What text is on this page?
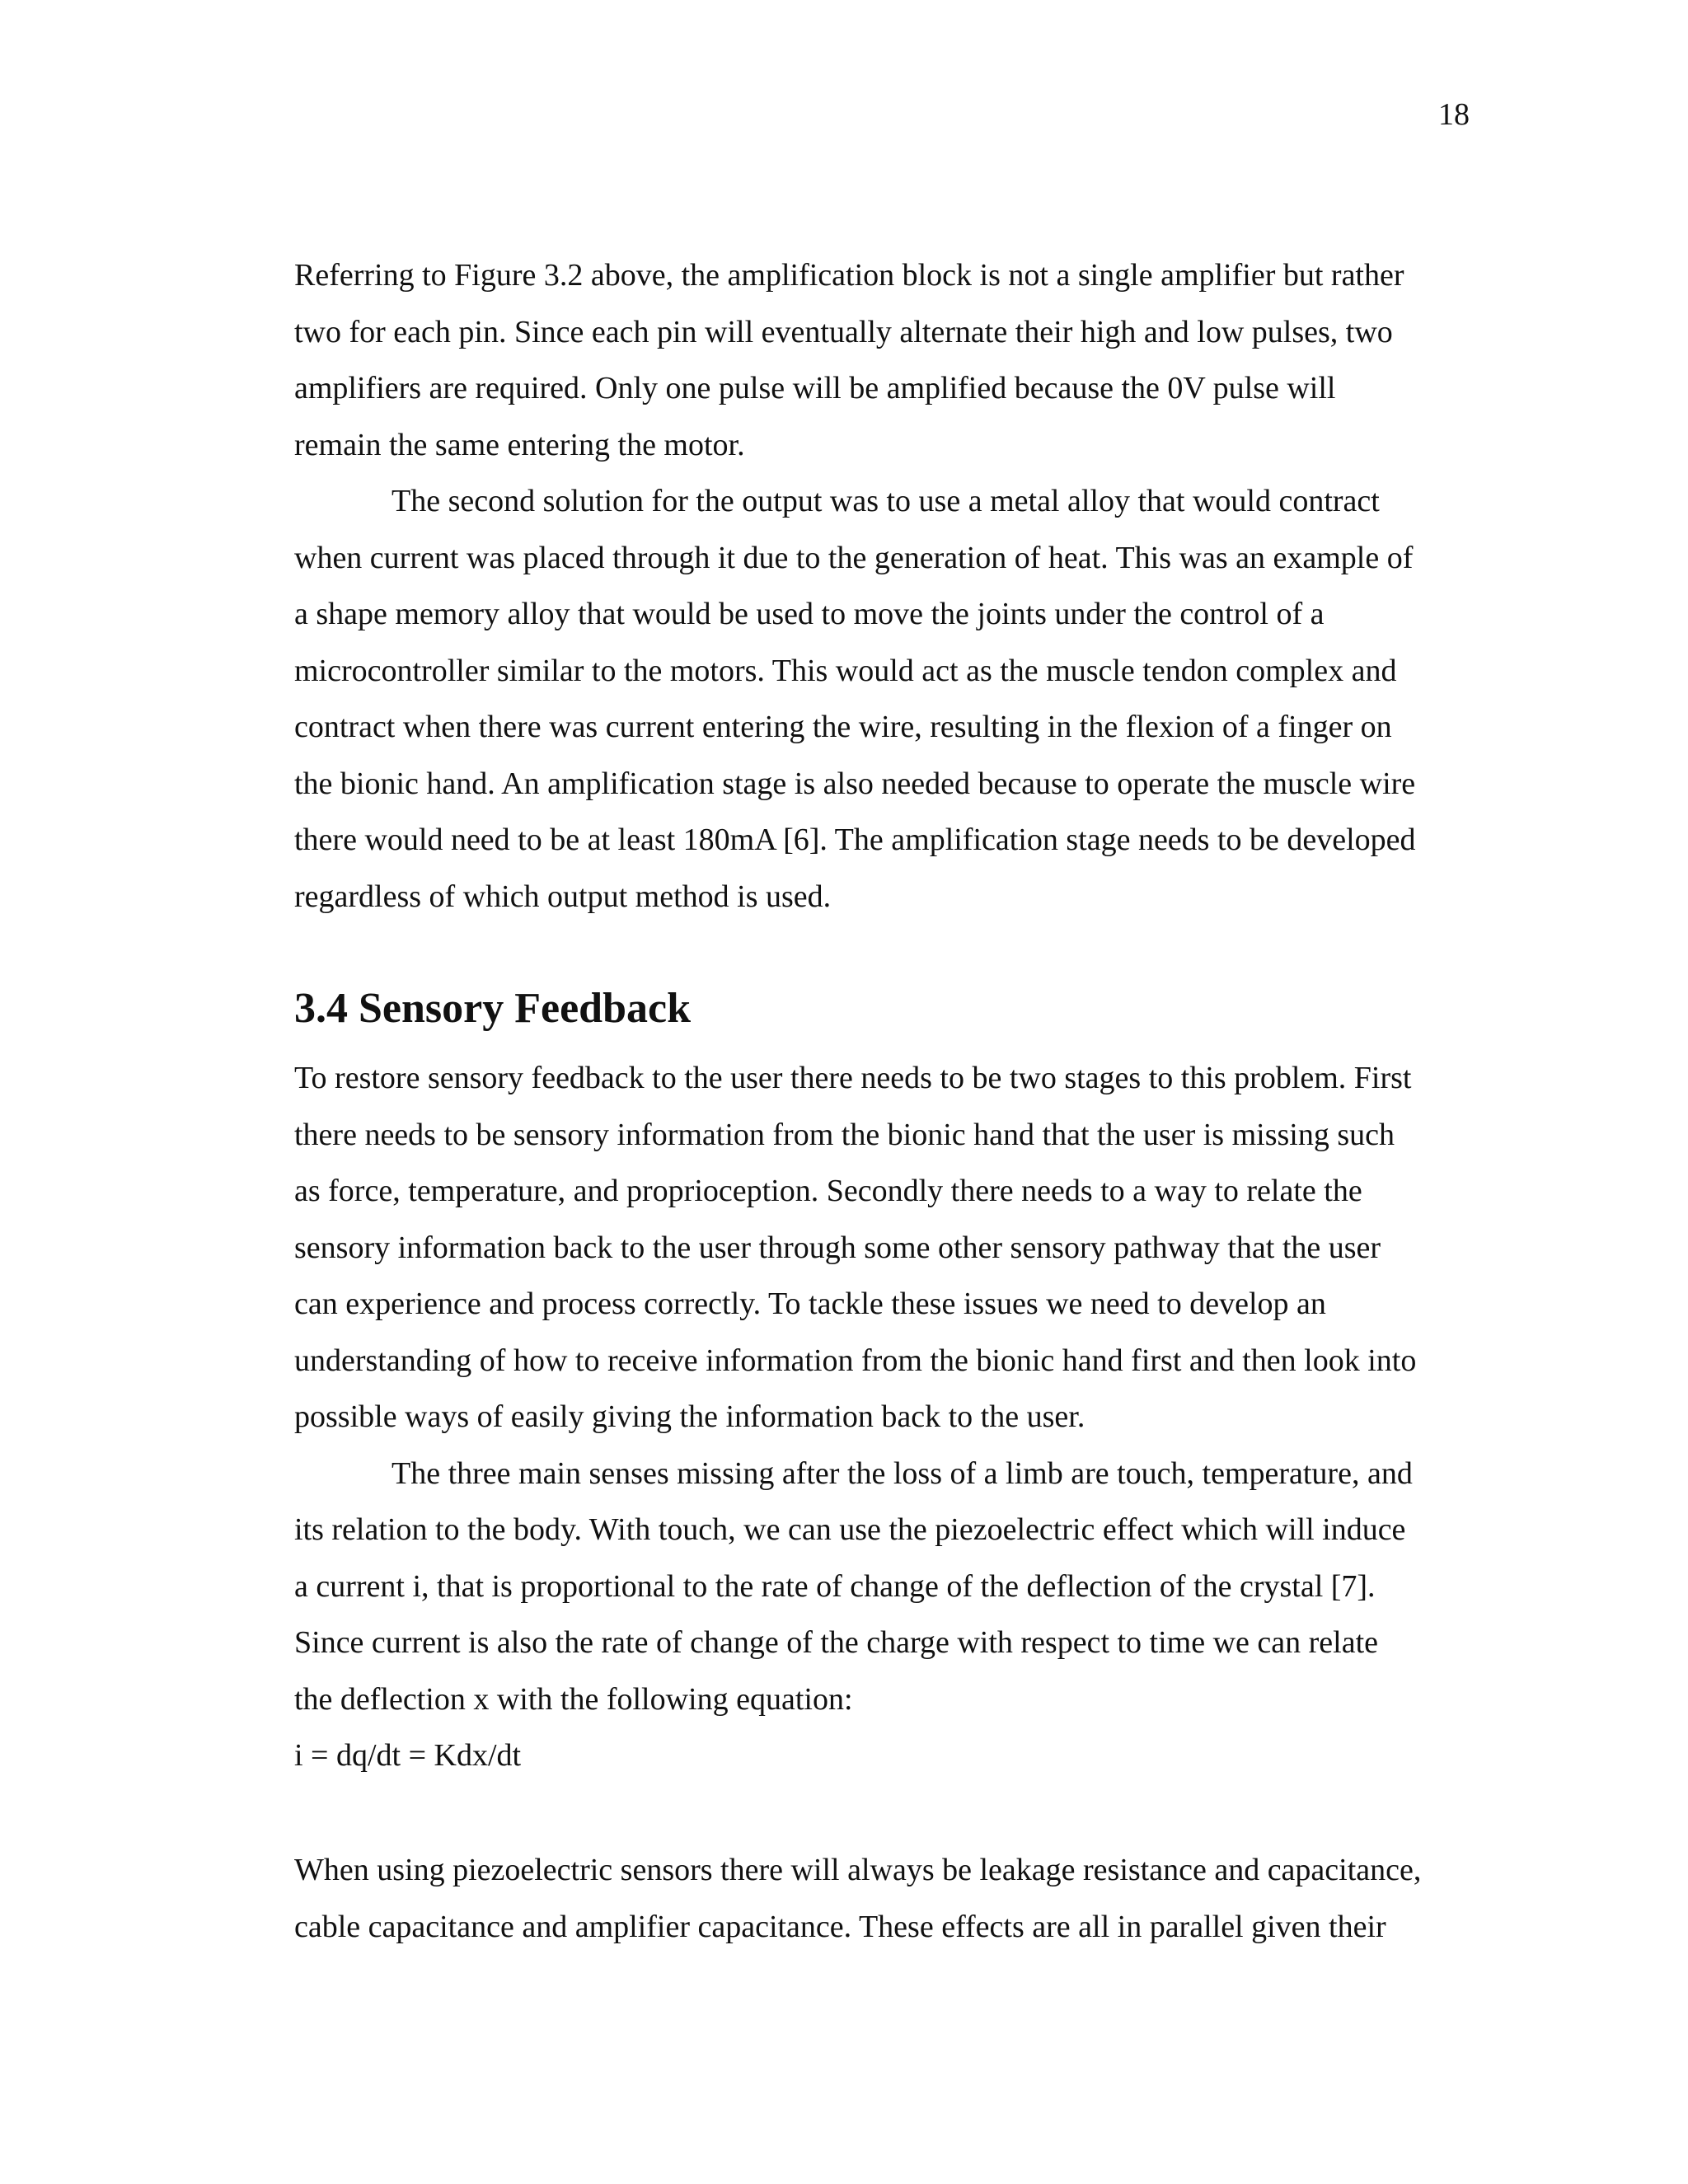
18
Referring to Figure 3.2 above, the amplification block is not a single amplifier but rather
two for each pin. Since each pin will eventually alternate their high and low pulses, two
amplifiers are required. Only one pulse will be amplified because the 0V pulse will
remain the same entering the motor.
The second solution for the output was to use a metal alloy that would contract
when current was placed through it due to the generation of heat. This was an example of
a shape memory alloy that would be used to move the joints under the control of a
microcontroller similar to the motors. This would act as the muscle tendon complex and
contract when there was current entering the wire, resulting in the flexion of a finger on
the bionic hand. An amplification stage is also needed because to operate the muscle wire
there would need to be at least 180mA [6]. The amplification stage needs to be developed
regardless of which output method is used.
3.4 Sensory Feedback
To restore sensory feedback to the user there needs to be two stages to this problem. First
there needs to be sensory information from the bionic hand that the user is missing such
as force, temperature, and proprioception. Secondly there needs to a way to relate the
sensory information back to the user through some other sensory pathway that the user
can experience and process correctly. To tackle these issues we need to develop an
understanding of how to receive information from the bionic hand first and then look into
possible ways of easily giving the information back to the user.
The three main senses missing after the loss of a limb are touch, temperature, and
its relation to the body. With touch, we can use the piezoelectric effect which will induce
a current i, that is proportional to the rate of change of the deflection of the crystal [7].
Since current is also the rate of change of the charge with respect to time we can relate
the deflection x with the following equation:
i = dq/dt = Kdx/dt
When using piezoelectric sensors there will always be leakage resistance and capacitance,
cable capacitance and amplifier capacitance. These effects are all in parallel given their
